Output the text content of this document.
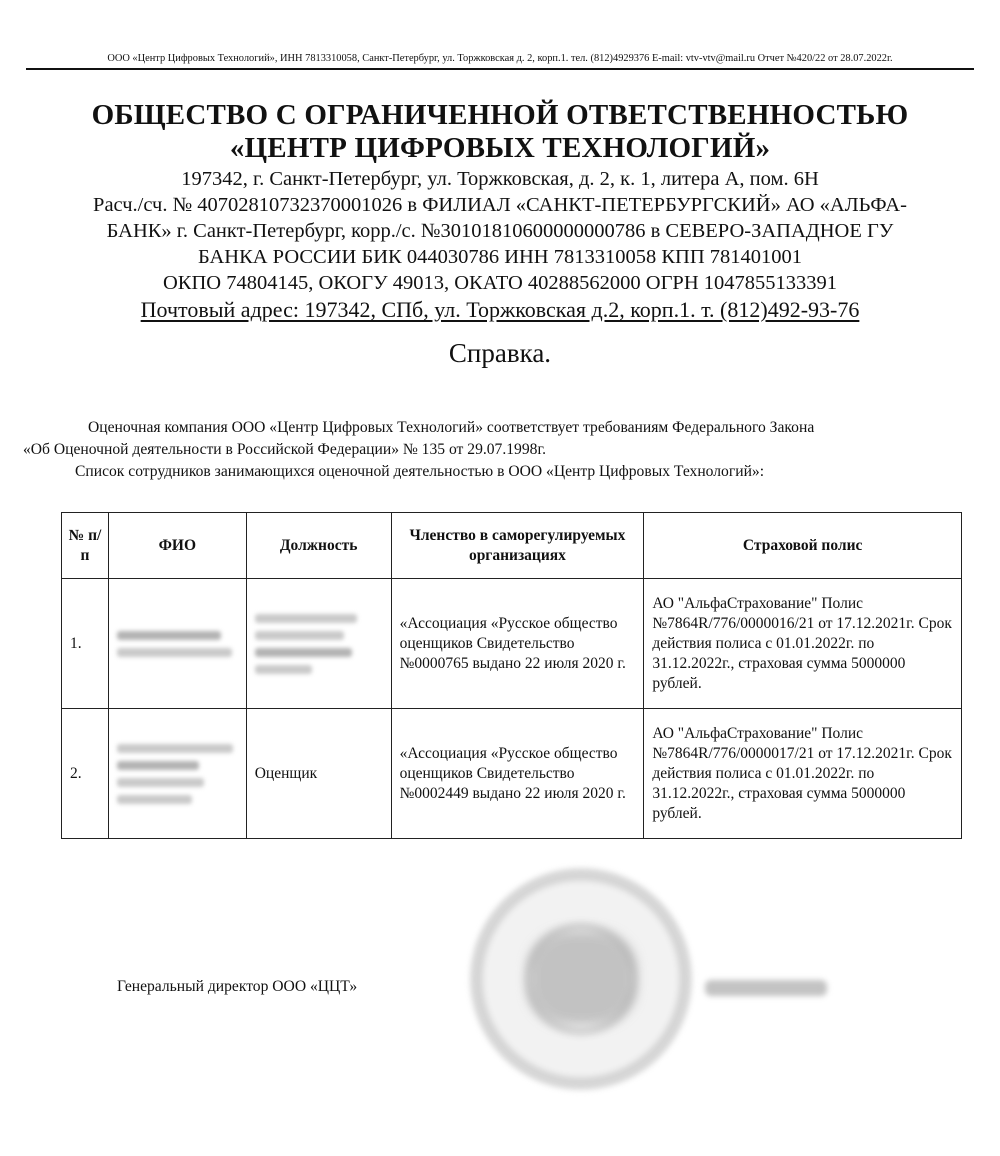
ООО «Центр Цифровых Технологий», ИНН 7813310058, Санкт-Петербург, ул. Торжковская д. 2, корп.1. тел. (812)4929376 E-mail: vtv-vtv@mail.ru Отчет №420/22 от 28.07.2022г.
ОБЩЕСТВО С ОГРАНИЧЕННОЙ ОТВЕТСТВЕННОСТЬЮ
«ЦЕНТР ЦИФРОВЫХ ТЕХНОЛОГИЙ»
197342, г. Санкт-Петербург, ул. Торжковская, д. 2, к. 1, литера А, пом. 6Н
Расч./сч. № 40702810732370001026 в ФИЛИАЛ «САНКТ-ПЕТЕРБУРГСКИЙ» АО «АЛЬФА-
БАНК» г. Санкт-Петербург, корр./с. №30101810600000000786 в СЕВЕРО-ЗАПАДНОЕ ГУ
БАНКА РОССИИ БИК 044030786 ИНН 7813310058 КПП 781401001
ОКПО 74804145, ОКОГУ 49013, ОКАТО 40288562000 ОГРН 1047855133391
Почтовый адрес: 197342, СПб, ул. Торжковская д.2, корп.1. т. (812)492-93-76
Справка.
Оценочная компания ООО «Центр Цифровых Технологий» соответствует требованиям Федерального Закона
«Об Оценочной деятельности в Российской Федерации» № 135 от 29.07.1998г.
Список сотрудников занимающихся оценочной деятельностью в ООО «Центр Цифровых Технологий»:
№ п/п	ФИО	Должность	Членство в саморегулируемых организациях	Страховой полис
1.			«Ассоциация «Русское общество оценщиков Свидетельство №0000765 выдано 22 июля 2020 г.	АО "АльфаСтрахование" Полис №7864R/776/0000016/21 от 17.12.2021г. Срок действия полиса с 01.01.2022г. по 31.12.2022г., страховая сумма 5000000 рублей.
2.		Оценщик	«Ассоциация «Русское общество оценщиков Свидетельство №0002449 выдано 22 июля 2020 г.	АО "АльфаСтрахование" Полис №7864R/776/0000017/21 от 17.12.2021г. Срок действия полиса с 01.01.2022г. по 31.12.2022г., страховая сумма 5000000 рублей.
Генеральный директор ООО «ЦЦТ»
